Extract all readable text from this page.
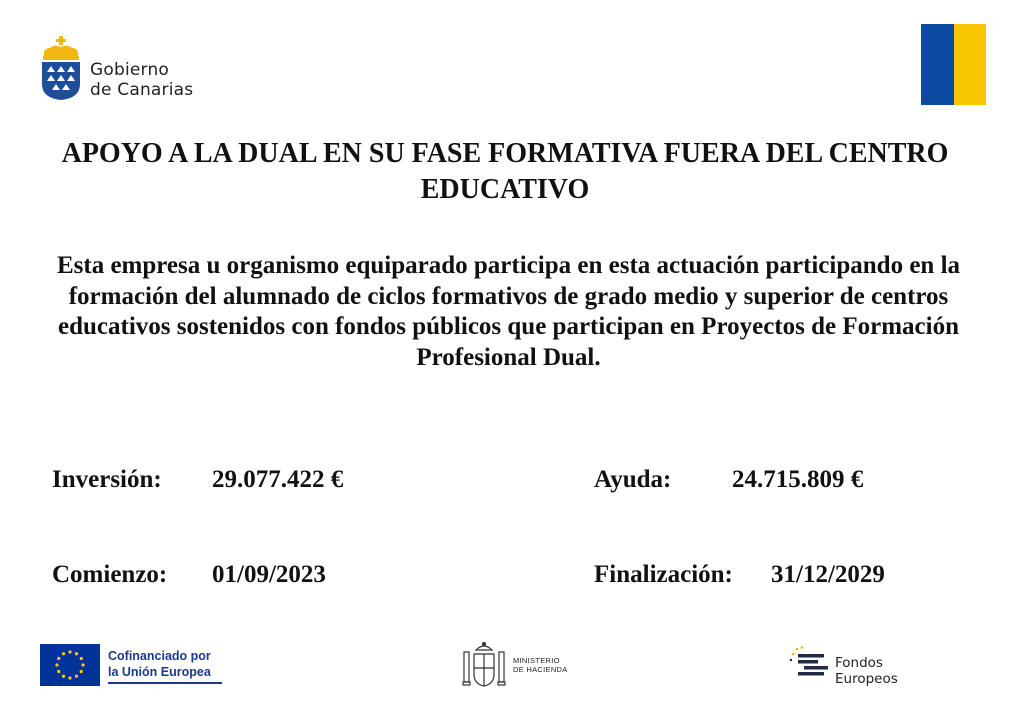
Gobierno
de Canarias
APOYO A LA DUAL EN SU FASE FORMATIVA FUERA DEL CENTRO EDUCATIVO

Esta empresa u organismo equiparado participa en esta actuación participando en la formación del alumnado de ciclos formativos de grado medio y superior de centros educativos sostenidos con fondos públicos que participan en Proyectos de Formación Profesional Dual.

Inversión: 29.077.422 €	Ayuda: 24.715.809 €
Comienzo: 01/09/2023	Finalización: 31/12/2029
Cofinanciado por
la Unión Europea
MINISTERIO
DE HACIENDA	Fondos Europeos
